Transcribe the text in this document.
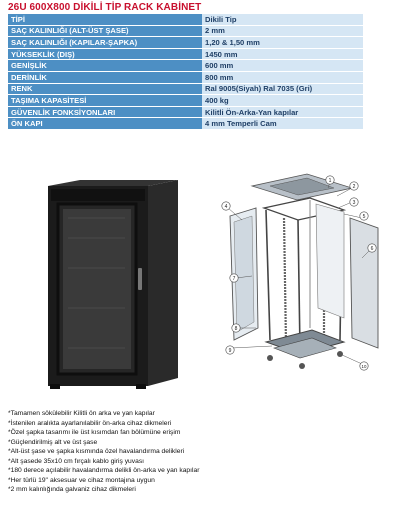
26U 600X800 DİKİLİ TİP RACK KABİNET
TİPİ	Dikili Tip
SAÇ KALINLIĞI (ALT-ÜST ŞASE)	2 mm
SAÇ KALINLIĞI (KAPILAR-ŞAPKA)	1,20 & 1,50 mm
YÜKSEKLİK (DIŞ)	1450 mm
GENİŞLİK	600 mm
DERİNLİK	800 mm
RENK	Ral 9005(Siyah) Ral 7035 (Gri)
TAŞIMA KAPASİTESİ	400 kg
GÜVENLİK FONKSİYONLARI	Kilitli Ön-Arka-Yan kapılar
ÖN KAPI	4 mm Temperli Cam
1
2
3
4
5
6
7
8
9
10
*Tamamen sökülebilir Kilitli ön arka ve yan kapılar
*İstenilen aralıkta ayarlanılabilir ön-arka cihaz dikmeleri
*Özel şapka tasarımı ile üst kısımdan fan bölümüne erişim
*Güçlendirilmiş alt ve üst şase
*Alt-üst şase ve şapka kısmında özel havalandırma delikleri
*Alt şasede 35x10 cm fırçalı kablo giriş yuvası
*180 derece açılabilir havalandırma delikli ön-arka ve yan kapılar
*Her türlü 19'' aksesuar ve cihaz montajına uygun
*2 mm kalınlığında galvaniz cihaz dikmeleri
